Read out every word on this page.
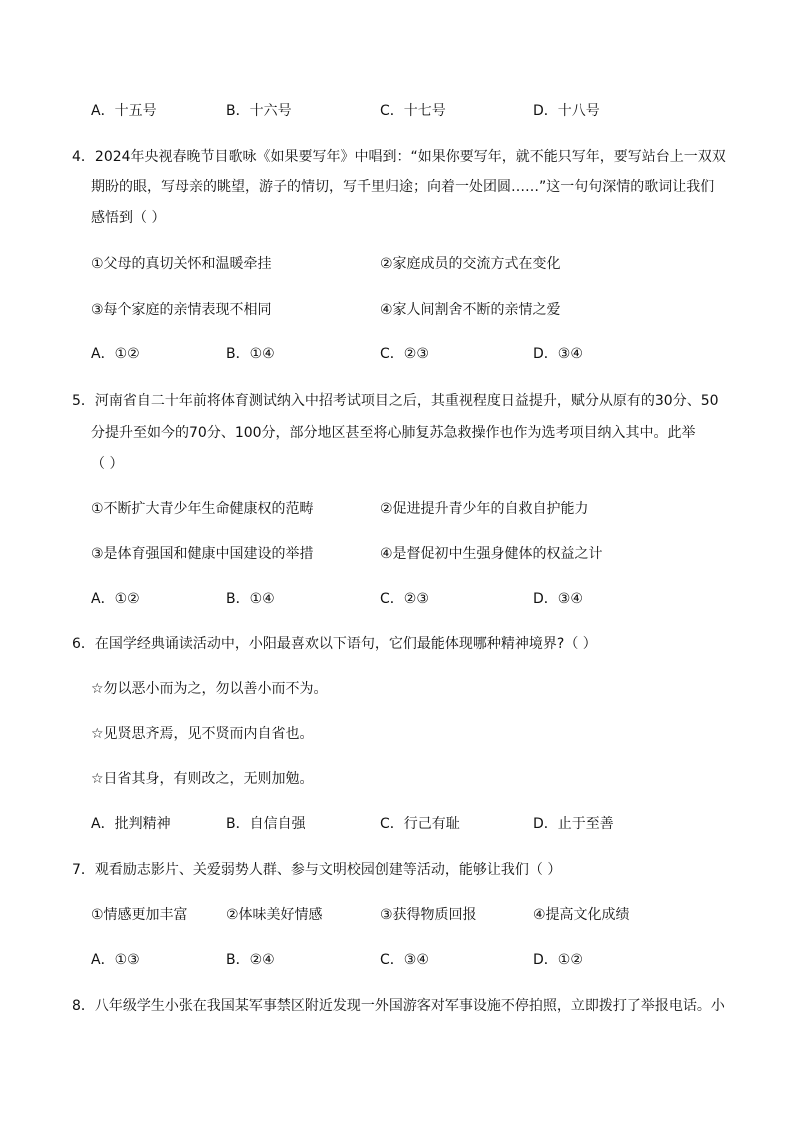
A．十五号	B．十六号	C．十七号	D．十八号
4．2024年央视春晚节目歌咏《如果要写年》中唱到：“如果你要写年，就不能只写年，要写站台上一双双
期盼的眼，写母亲的眺望，游子的情切，写千里归途；向着一处团圆……”这一句句深情的歌词让我们
感悟到（ ）
①父母的真切关怀和温暖牵挂	②家庭成员的交流方式在变化
③每个家庭的亲情表现不相同	④家人间割舍不断的亲情之爱
A．①②	B．①④	C．②③	D．③④
5．河南省自二十年前将体育测试纳入中招考试项目之后，其重视程度日益提升，赋分从原有的30分、50
分提升至如今的70分、100分，部分地区甚至将心肺复苏急救操作也作为选考项目纳入其中。此举
（ ）
①不断扩大青少年生命健康权的范畴	②促进提升青少年的自救自护能力
③是体育强国和健康中国建设的举措	④是督促初中生强身健体的权益之计
A．①②	B．①④	C．②③	D．③④
6．在国学经典诵读活动中，小阳最喜欢以下语句，它们最能体现哪种精神境界?（ ）
☆勿以恶小而为之，勿以善小而不为。
☆见贤思齐焉，见不贤而内自省也。
☆日省其身，有则改之，无则加勉。
A．批判精神	B．自信自强	C．行己有耻	D．止于至善
7．观看励志影片、关爱弱势人群、参与文明校园创建等活动，能够让我们（ ）
①情感更加丰富	②体味美好情感	③获得物质回报	④提高文化成绩
A．①③	B．②④	C．③④	D．①②
8．八年级学生小张在我国某军事禁区附近发现一外国游客对军事设施不停拍照，立即拨打了举报电话。小
